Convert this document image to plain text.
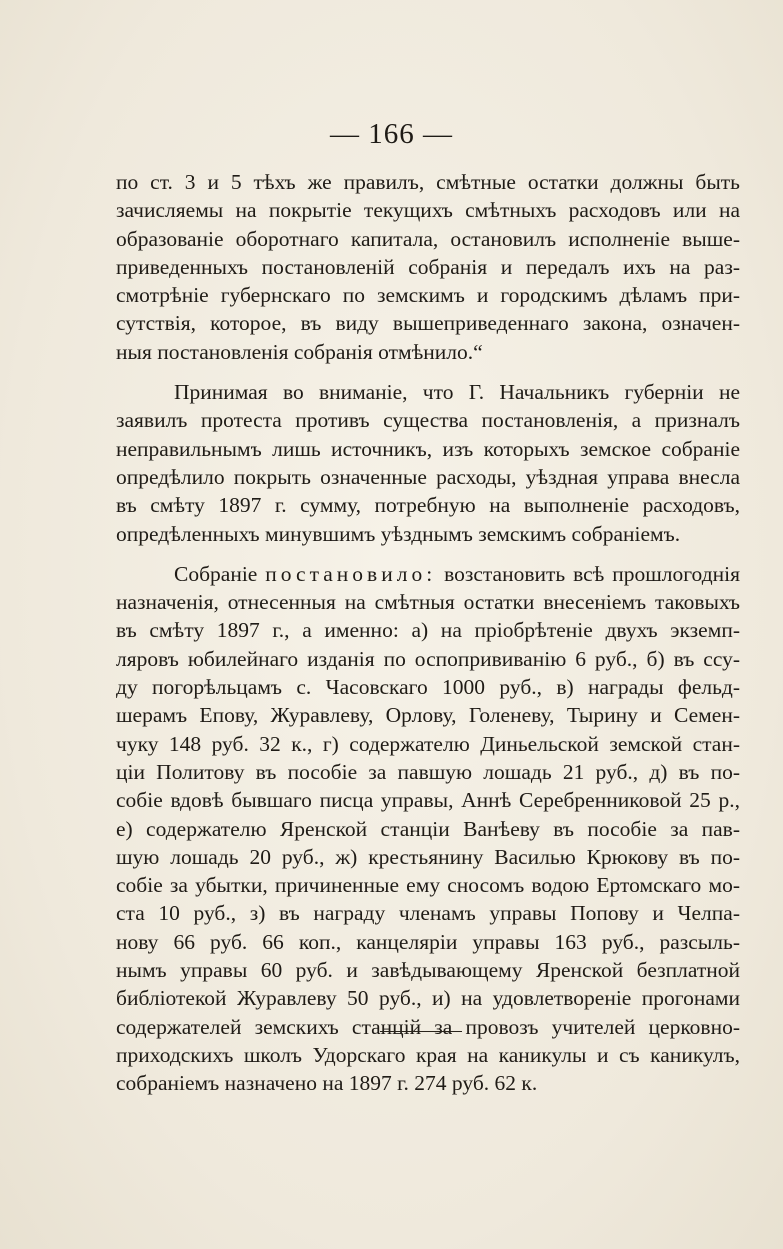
— 166 —
по ст. 3 и 5 тѣхъ же правилъ, смѣтные остатки должны быть
зачисляемы на покрытіе текущихъ смѣтныхъ расходовъ или на
образованіе оборотнаго капитала, остановилъ исполненіе выше-
приведенныхъ постановленій собранія и передалъ ихъ на раз-
смотрѣніе губернскаго по земскимъ и городскимъ дѣламъ при-
сутствія, которое, въ виду вышеприведеннаго закона, означен-
ныя постановленія собранія отмѣнило.“
Принимая во вниманіе, что Г. Начальникъ губерніи не
заявилъ протеста противъ существа постановленія, а призналъ
неправильнымъ лишь источникъ, изъ которыхъ земское собраніе
опредѣлило покрыть означенные расходы, уѣздная управа внесла
въ смѣту 1897 г. сумму, потребную на выполненіе расходовъ,
опредѣленныхъ минувшимъ уѣзднымъ земскимъ собраніемъ.
Собраніе постановило: возстановить всѣ прошлогоднія
назначенія, отнесенныя на смѣтныя остатки внесеніемъ таковыхъ
въ смѣту 1897 г., а именно: а) на пріобрѣтеніе двухъ экземп-
ляровъ юбилейнаго изданія по оспопрививанію 6 руб., б) въ ссу-
ду погорѣльцамъ с. Часовскаго 1000 руб., в) награды фельд-
шерамъ Епову, Журавлеву, Орлову, Голеневу, Тырину и Семен-
чуку 148 руб. 32 к., г) содержателю Диньельской земской стан-
ціи Политову въ пособіе за павшую лошадь 21 руб., д) въ по-
собіе вдовѣ бывшаго писца управы, Аннѣ Серебренниковой 25 р.,
е) содержателю Яренской станціи Ванѣеву въ пособіе за пав-
шую лошадь 20 руб., ж) крестьянину Василью Крюкову въ по-
собіе за убытки, причиненные ему сносомъ водою Ертомскаго мо-
ста 10 руб., з) въ награду членамъ управы Попову и Челпа-
нову 66 руб. 66 коп., канцеляріи управы 163 руб., разсыль-
нымъ управы 60 руб. и завѣдывающему Яренской безплатной
библіотекой Журавлеву 50 руб., и) на удовлетвореніе прогонами
содержателей земскихъ станцій за провозъ учителей церковно-
приходскихъ школъ Удорскаго края на каникулы и съ каникулъ,
собраніемъ назначено на 1897 г. 274 руб. 62 к.
